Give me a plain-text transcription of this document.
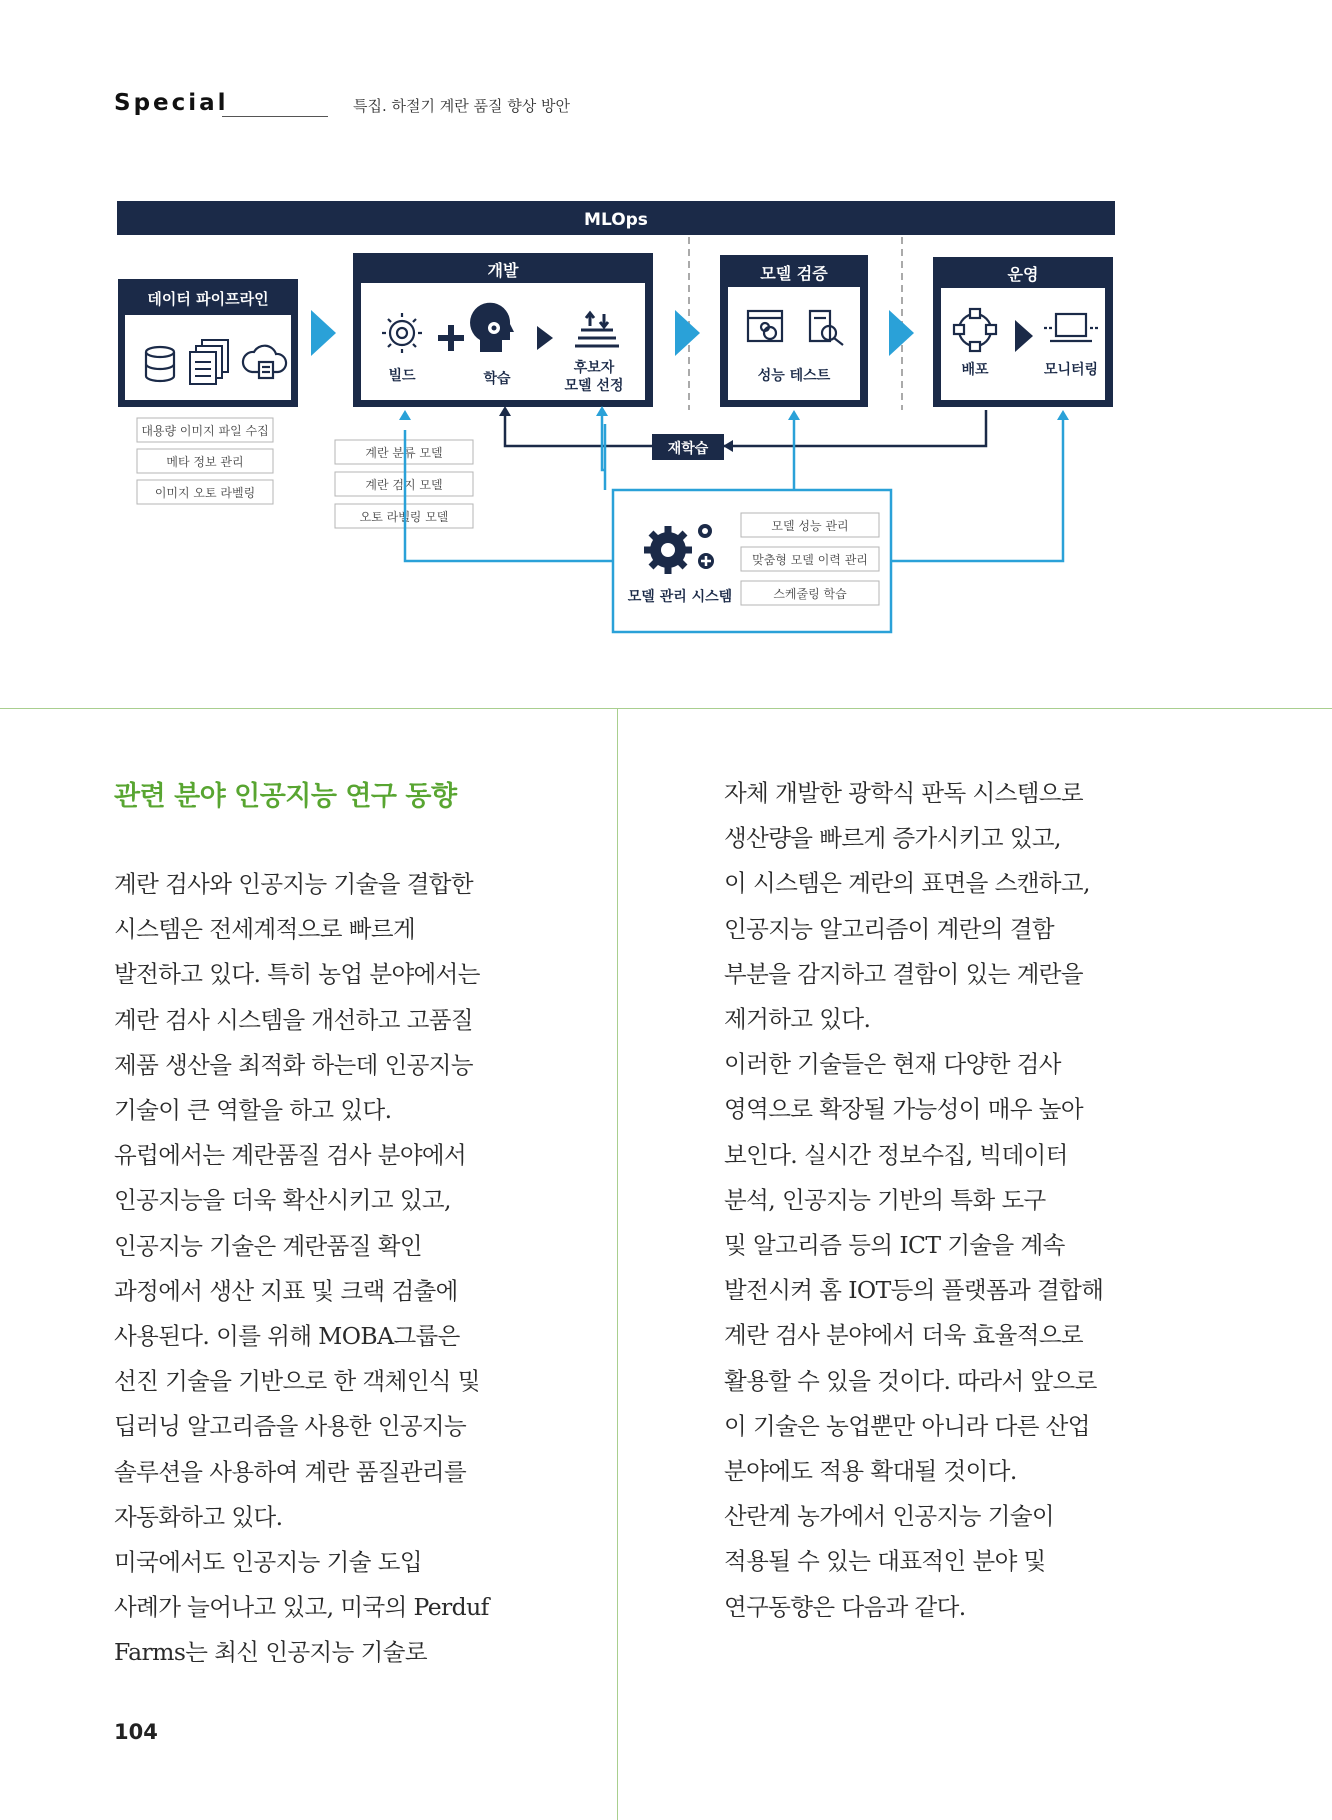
Special	특집. 하절기 계란 품질 향상 방안
MLOps
데이터 파이프라인
대용량 이미지 파일 수집
메타 정보 관리
이미지 오토 라벨링
개발
빌드	학습
후보자
모델 선정
계란 분류 모델
계란 검지 모델
오토 라벨링 모델
모델 검증
성능 테스트
운영
배포	모니터링
재학습
모델 관리 시스템
모델 성능 관리
맞춤형 모델 이력 관리
스케줄링 학습
관련 분야 인공지능 연구 동향

계란 검사와 인공지능 기술을 결합한

시스템은 전세계적으로 빠르게

발전하고 있다. 특히 농업 분야에서는

계란 검사 시스템을 개선하고 고품질

제품 생산을 최적화 하는데 인공지능

기술이 큰 역할을 하고 있다.

유럽에서는 계란품질 검사 분야에서

인공지능을 더욱 확산시키고 있고,

인공지능 기술은 계란품질 확인

과정에서 생산 지표 및 크랙 검출에

사용된다. 이를 위해 MOBA그룹은

선진 기술을 기반으로 한 객체인식 및

딥러닝 알고리즘을 사용한 인공지능

솔루션을 사용하여 계란 품질관리를

자동화하고 있다.

미국에서도 인공지능 기술 도입

사례가 늘어나고 있고, 미국의 Perduf

Farms는 최신 인공지능 기술로

자체 개발한 광학식 판독 시스템으로

생산량을 빠르게 증가시키고 있고,

이 시스템은 계란의 표면을 스캔하고,

인공지능 알고리즘이 계란의 결함

부분을 감지하고 결함이 있는 계란을

제거하고 있다.

이러한 기술들은 현재 다양한 검사

영역으로 확장될 가능성이 매우 높아

보인다. 실시간 정보수집, 빅데이터

분석, 인공지능 기반의 특화 도구

및 알고리즘 등의 ICT 기술을 계속

발전시켜 홈 IOT등의 플랫폼과 결합해

계란 검사 분야에서 더욱 효율적으로

활용할 수 있을 것이다. 따라서 앞으로

이 기술은 농업뿐만 아니라 다른 산업

분야에도 적용 확대될 것이다.

산란계 농가에서 인공지능 기술이

적용될 수 있는 대표적인 분야 및

연구동향은 다음과 같다.

104
